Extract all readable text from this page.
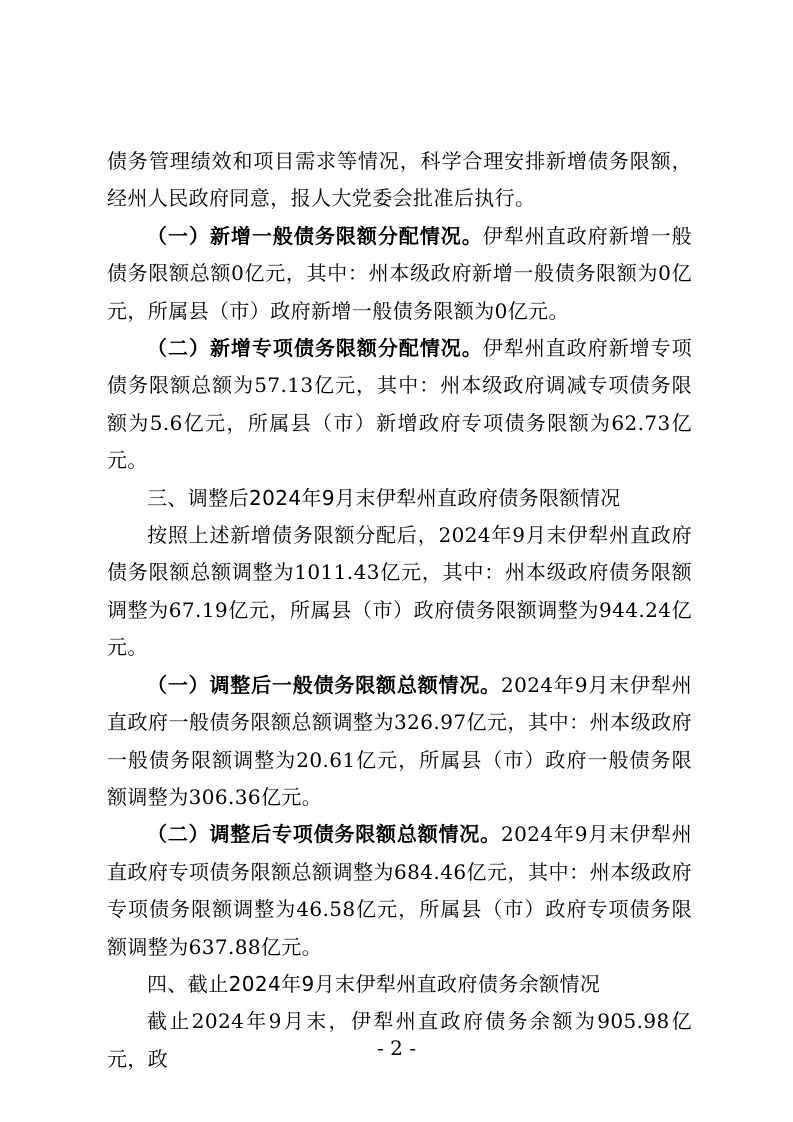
债务管理绩效和项目需求等情况，科学合理安排新增债务限额，经州人民政府同意，报人大党委会批准后执行。

（一）新增一般债务限额分配情况。伊犁州直政府新增一般债务限额总额0亿元，其中：州本级政府新增一般债务限额为0亿元，所属县（市）政府新增一般债务限额为0亿元。

（二）新增专项债务限额分配情况。伊犁州直政府新增专项债务限额总额为57.13亿元，其中：州本级政府调减专项债务限额为5.6亿元，所属县（市）新增政府专项债务限额为62.73亿元。

三、调整后2024年9月末伊犁州直政府债务限额情况

按照上述新增债务限额分配后，2024年9月末伊犁州直政府债务限额总额调整为1011.43亿元，其中：州本级政府债务限额调整为67.19亿元，所属县（市）政府债务限额调整为944.24亿元。

（一）调整后一般债务限额总额情况。2024年9月末伊犁州直政府一般债务限额总额调整为326.97亿元，其中：州本级政府一般债务限额调整为20.61亿元，所属县（市）政府一般债务限额调整为306.36亿元。

（二）调整后专项债务限额总额情况。2024年9月末伊犁州直政府专项债务限额总额调整为684.46亿元，其中：州本级政府专项债务限额调整为46.58亿元，所属县（市）政府专项债务限额调整为637.88亿元。

四、截止2024年9月末伊犁州直政府债务余额情况

截止2024年9月末，伊犁州直政府债务余额为905.98亿元，政	- 2 -
